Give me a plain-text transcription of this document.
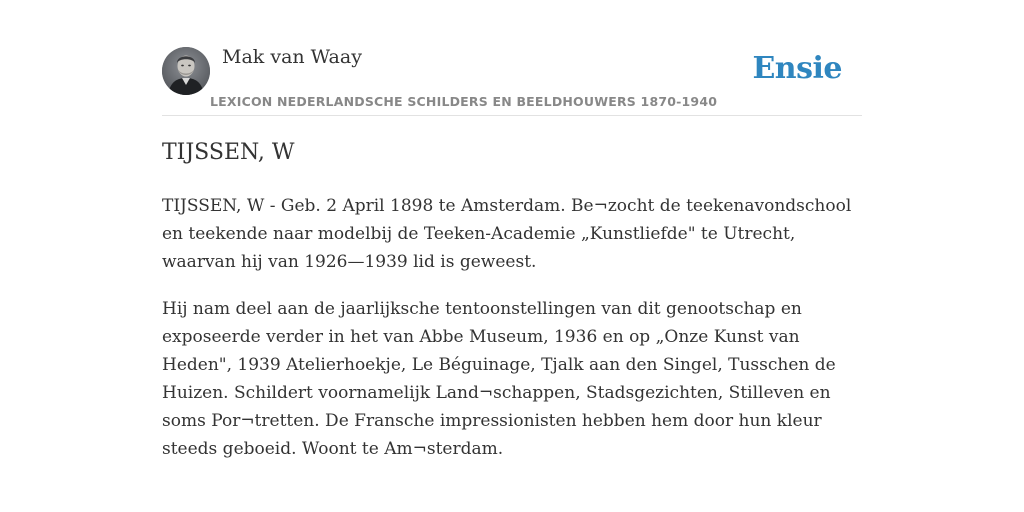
Mak van Waay
LEXICON NEDERLANDSCHE SCHILDERS EN BEELDHOUWERS 1870-1940
Ensie
TIJSSEN, W

TIJSSEN, W - Geb. 2 April 1898 te Amsterdam. Be¬zocht de teekenavondschool en teekende naar modelbij de Teeken-Academie „Kunstliefde" te Utrecht, waarvan hij van 1926—1939 lid is geweest.

Hij nam deel aan de jaarlijksche tentoonstellingen van dit genootschap en exposeerde verder in het van Abbe Museum, 1936 en op „Onze Kunst van Heden", 1939 Atelierhoekje, Le Béguinage, Tjalk aan den Singel, Tusschen de Huizen. Schildert voornamelijk Land¬schappen, Stadsgezichten, Stilleven en soms Por¬tretten. De Fransche impressionisten hebben hem door hun kleur steeds geboeid. Woont te Am¬sterdam.
